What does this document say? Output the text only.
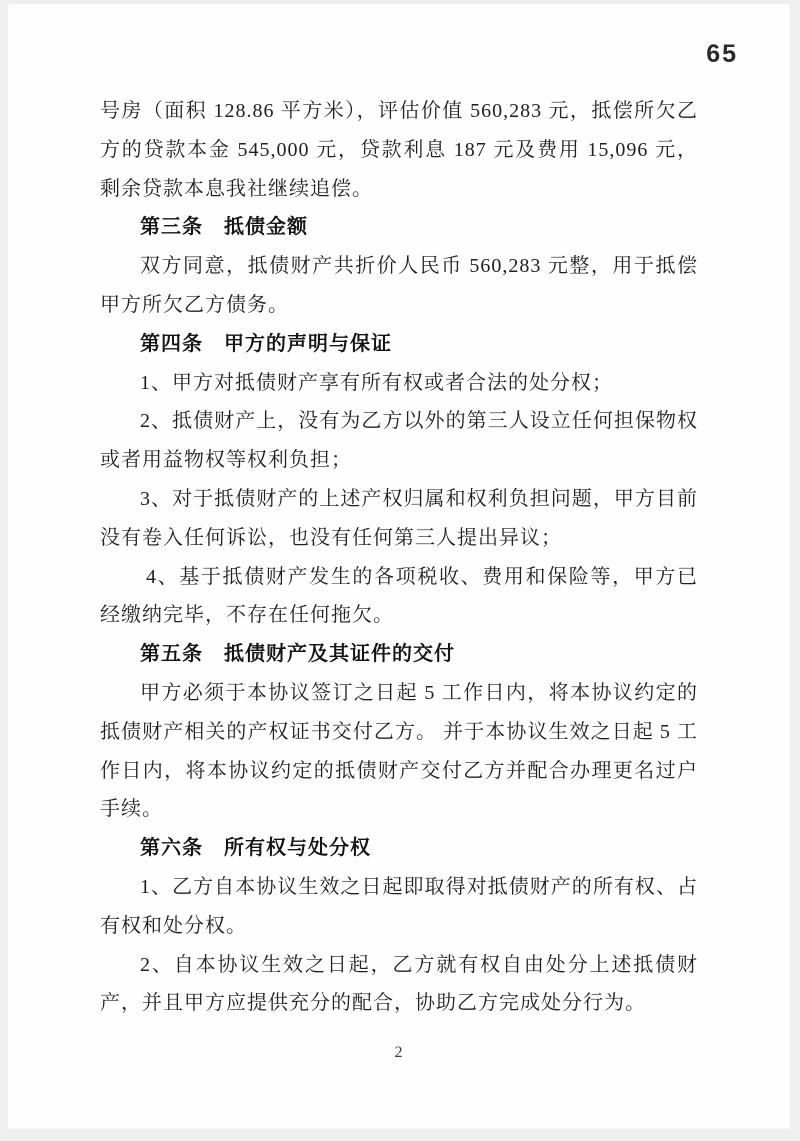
65
号房（面积 128.86 平方米），评估价值 560,283 元，抵偿所欠乙方的贷款本金 545,000 元，贷款利息 187 元及费用 15,096 元，剩余贷款本息我社继续追偿。
第三条　抵债金额
双方同意，抵债财产共折价人民币 560,283 元整，用于抵偿甲方所欠乙方债务。
第四条　甲方的声明与保证
1、甲方对抵债财产享有所有权或者合法的处分权；
2、抵债财产上，没有为乙方以外的第三人设立任何担保物权或者用益物权等权利负担；
3、对于抵债财产的上述产权归属和权利负担问题，甲方目前没有卷入任何诉讼，也没有任何第三人提出异议；
4、基于抵债财产发生的各项税收、费用和保险等，甲方已经缴纳完毕，不存在任何拖欠。
第五条　抵债财产及其证件的交付
甲方必须于本协议签订之日起 5 工作日内，将本协议约定的抵债财产相关的产权证书交付乙方。 并于本协议生效之日起 5 工作日内，将本协议约定的抵债财产交付乙方并配合办理更名过户手续。
第六条　所有权与处分权
1、乙方自本协议生效之日起即取得对抵债财产的所有权、占有权和处分权。
2、自本协议生效之日起，乙方就有权自由处分上述抵债财产，并且甲方应提供充分的配合，协助乙方完成处分行为。
2
